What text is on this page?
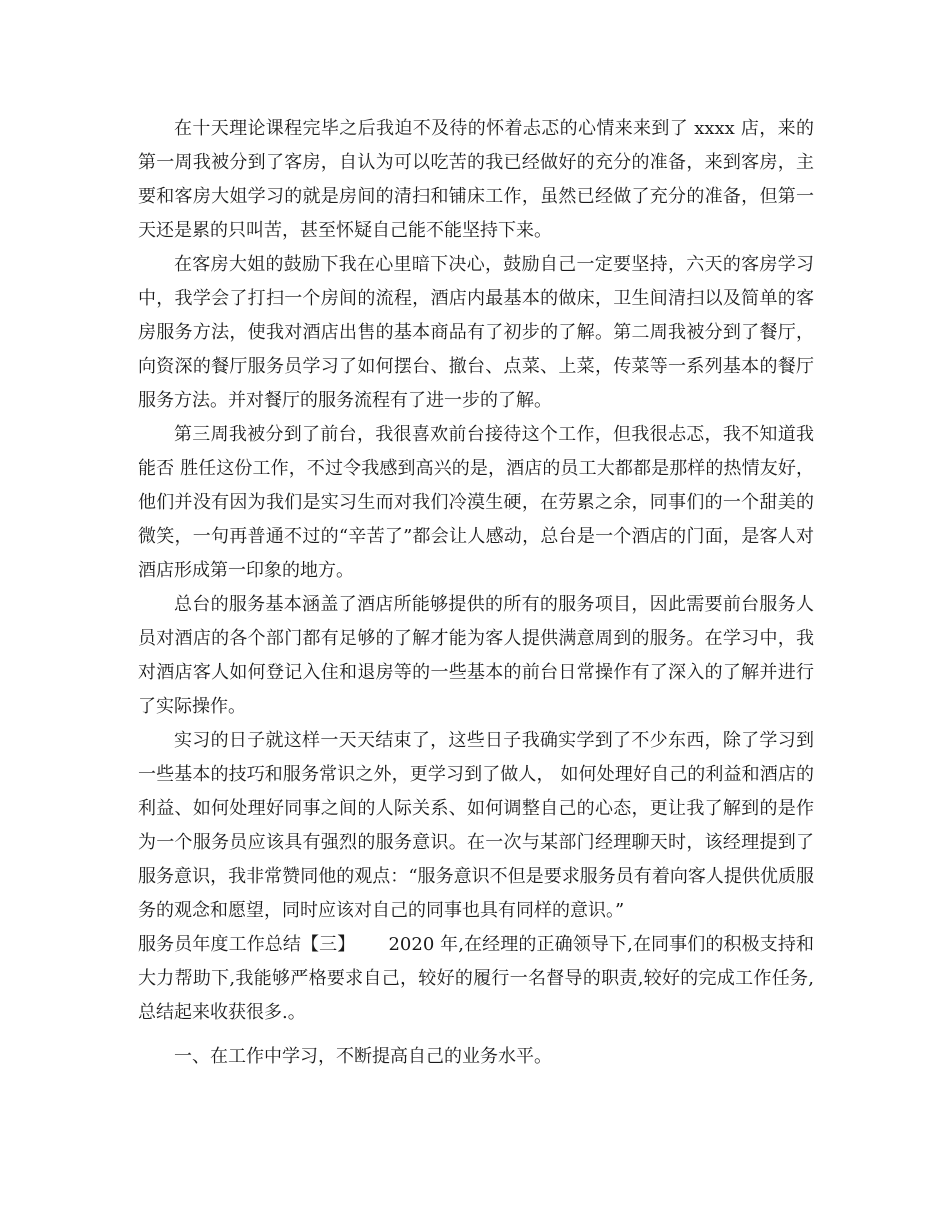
在十天理论课程完毕之后我迫不及待的怀着忐忑的心情来来到了 xxxx 店，来的第一周我被分到了客房，自认为可以吃苦的我已经做好的充分的准备，来到客房，主要和客房大姐学习的就是房间的清扫和铺床工作，虽然已经做了充分的准备，但第一天还是累的只叫苦，甚至怀疑自己能不能坚持下来。

在客房大姐的鼓励下我在心里暗下决心，鼓励自己一定要坚持，六天的客房学习中，我学会了打扫一个房间的流程，酒店内最基本的做床，卫生间清扫以及简单的客房服务方法，使我对酒店出售的基本商品有了初步的了解。第二周我被分到了餐厅，向资深的餐厅服务员学习了如何摆台、撤台、点菜、上菜，传菜等一系列基本的餐厅服务方法。并对餐厅的服务流程有了进一步的了解。

第三周我被分到了前台，我很喜欢前台接待这个工作，但我很忐忑，我不知道我能否 胜任这份工作，不过令我感到高兴的是，酒店的员工大都都是那样的热情友好，他们并没有因为我们是实习生而对我们冷漠生硬，在劳累之余，同事们的一个甜美的微笑，一句再普通不过的“辛苦了”都会让人感动，总台是一个酒店的门面，是客人对酒店形成第一印象的地方。

总台的服务基本涵盖了酒店所能够提供的所有的服务项目，因此需要前台服务人员对酒店的各个部门都有足够的了解才能为客人提供满意周到的服务。在学习中，我对酒店客人如何登记入住和退房等的一些基本的前台日常操作有了深入的了解并进行了实际操作。

实习的日子就这样一天天结束了，这些日子我确实学到了不少东西，除了学习到一些基本的技巧和服务常识之外，更学习到了做人， 如何处理好自己的利益和酒店的利益、如何处理好同事之间的人际关系、如何调整自己的心态，更让我了解到的是作为一个服务员应该具有强烈的服务意识。在一次与某部门经理聊天时，该经理提到了服务意识，我非常赞同他的观点：“服务意识不但是要求服务员有着向客人提供优质服务的观念和愿望，同时应该对自己的同事也具有同样的意识。”

服务员年度工作总结【三】　　 2020 年,在经理的正确领导下,在同事们的积极支持和大力帮助下,我能够严格要求自己，较好的履行一名督导的职责,较好的完成工作任务,总结起来收获很多.。

一、在工作中学习，不断提高自己的业务水平。
